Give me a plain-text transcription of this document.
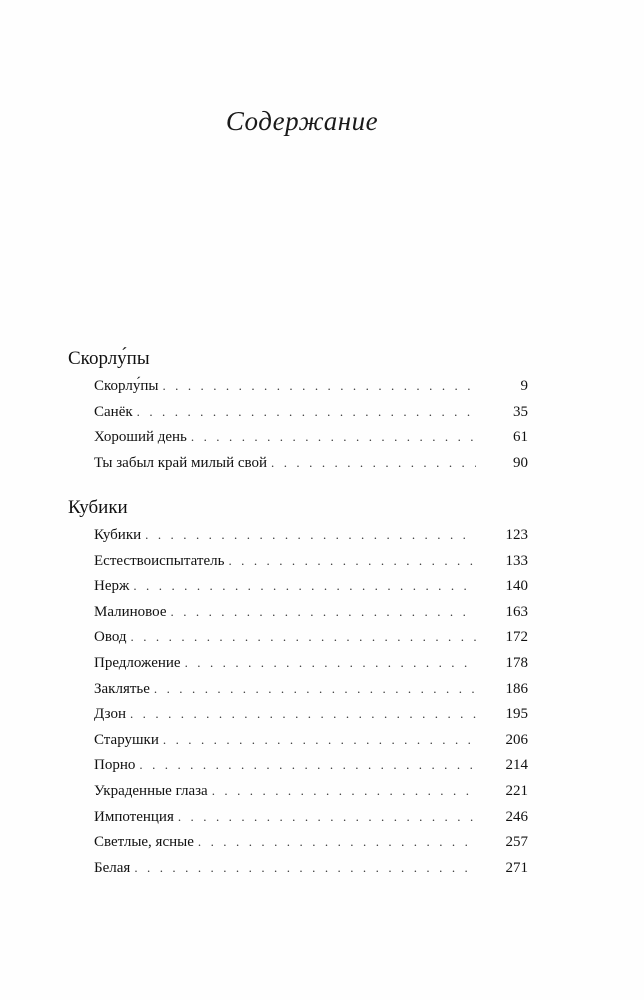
Содержание
Скорлу́пы
Скорлу́пы . . .	9
Санёк . . .	35
Хороший день . . .	61
Ты забыл край милый свой . . .	90
Кубики
Кубики . . .	123
Естествоиспытатель . . .	133
Нерж . . .	140
Малиновое . . .	163
Овод . . .	172
Предложение . . .	178
Заклятье . . .	186
Дзон . . .	195
Старушки . . .	206
Порно . . .	214
Украденные глаза . . .	221
Импотенция . . .	246
Светлые, ясные . . .	257
Белая . . .	271
